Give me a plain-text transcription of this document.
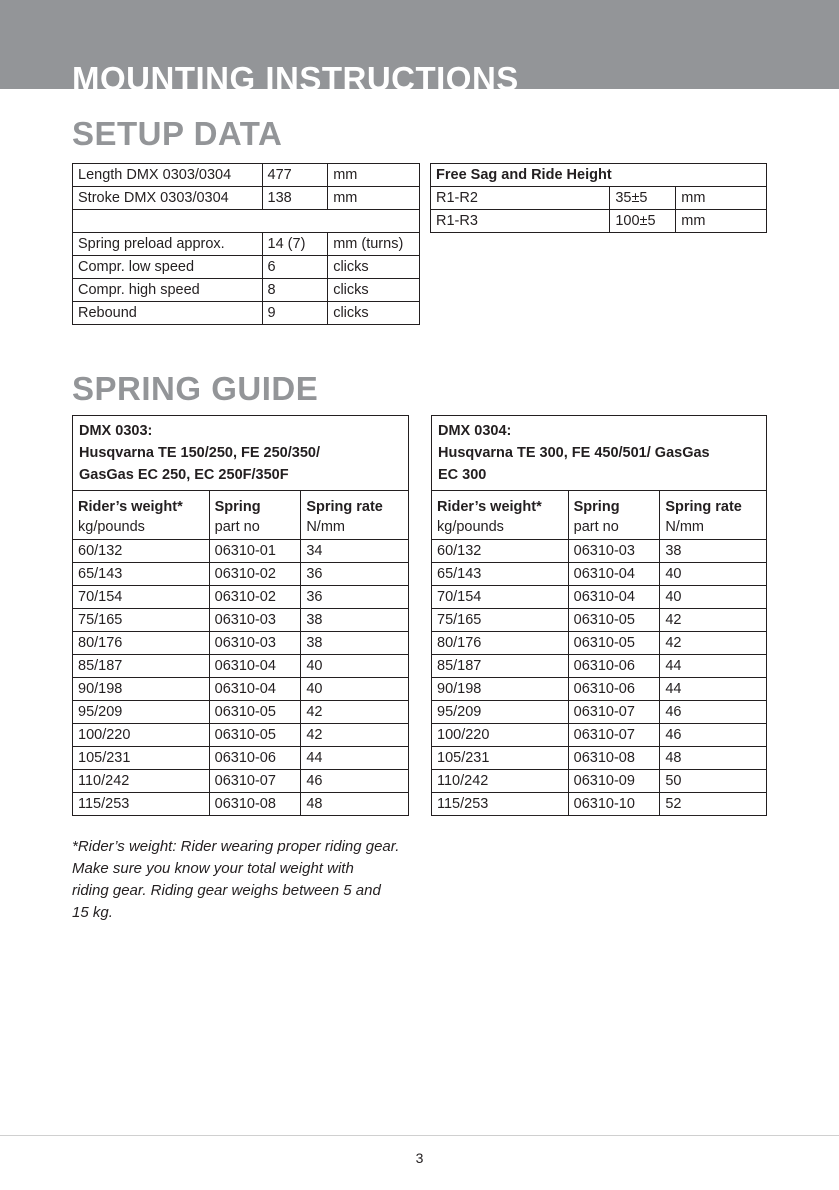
MOUNTING INSTRUCTIONS
SETUP DATA
Length DMX 0303/0304	477	mm
Stroke DMX 0303/0304	138	mm

Spring preload approx.	14 (7)	mm (turns)
Compr. low speed	6	clicks
Compr. high speed	8	clicks
Rebound	9	clicks
Free Sag and Ride Height		
R1-R2	35±5	mm
R1-R3	100±5	mm
SPRING GUIDE
DMX 0303:
Husqvarna TE 150/250, FE 250/350/
GasGas EC 250, EC 250F/350F		

Rider’s weight*	Spring	Spring rate
kg/pounds	part no	N/mm
60/132	06310-01	34
65/143	06310-02	36
70/154	06310-02	36
75/165	06310-03	38
80/176	06310-03	38
85/187	06310-04	40
90/198	06310-04	40
95/209	06310-05	42
100/220	06310-05	42
105/231	06310-06	44
110/242	06310-07	46
115/253	06310-08	48
DMX 0304:
Husqvarna TE 300, FE 450/501/ GasGas
EC 300		

Rider’s weight*	Spring	Spring rate
kg/pounds	part no	N/mm
60/132	06310-03	38
65/143	06310-04	40
70/154	06310-04	40
75/165	06310-05	42
80/176	06310-05	42
85/187	06310-06	44
90/198	06310-06	44
95/209	06310-07	46
100/220	06310-07	46
105/231	06310-08	48
110/242	06310-09	50
115/253	06310-10	52
*Rider’s weight: Rider wearing proper riding gear.
Make sure you know your total weight with
riding gear. Riding gear weighs between 5 and
15 kg.
3
